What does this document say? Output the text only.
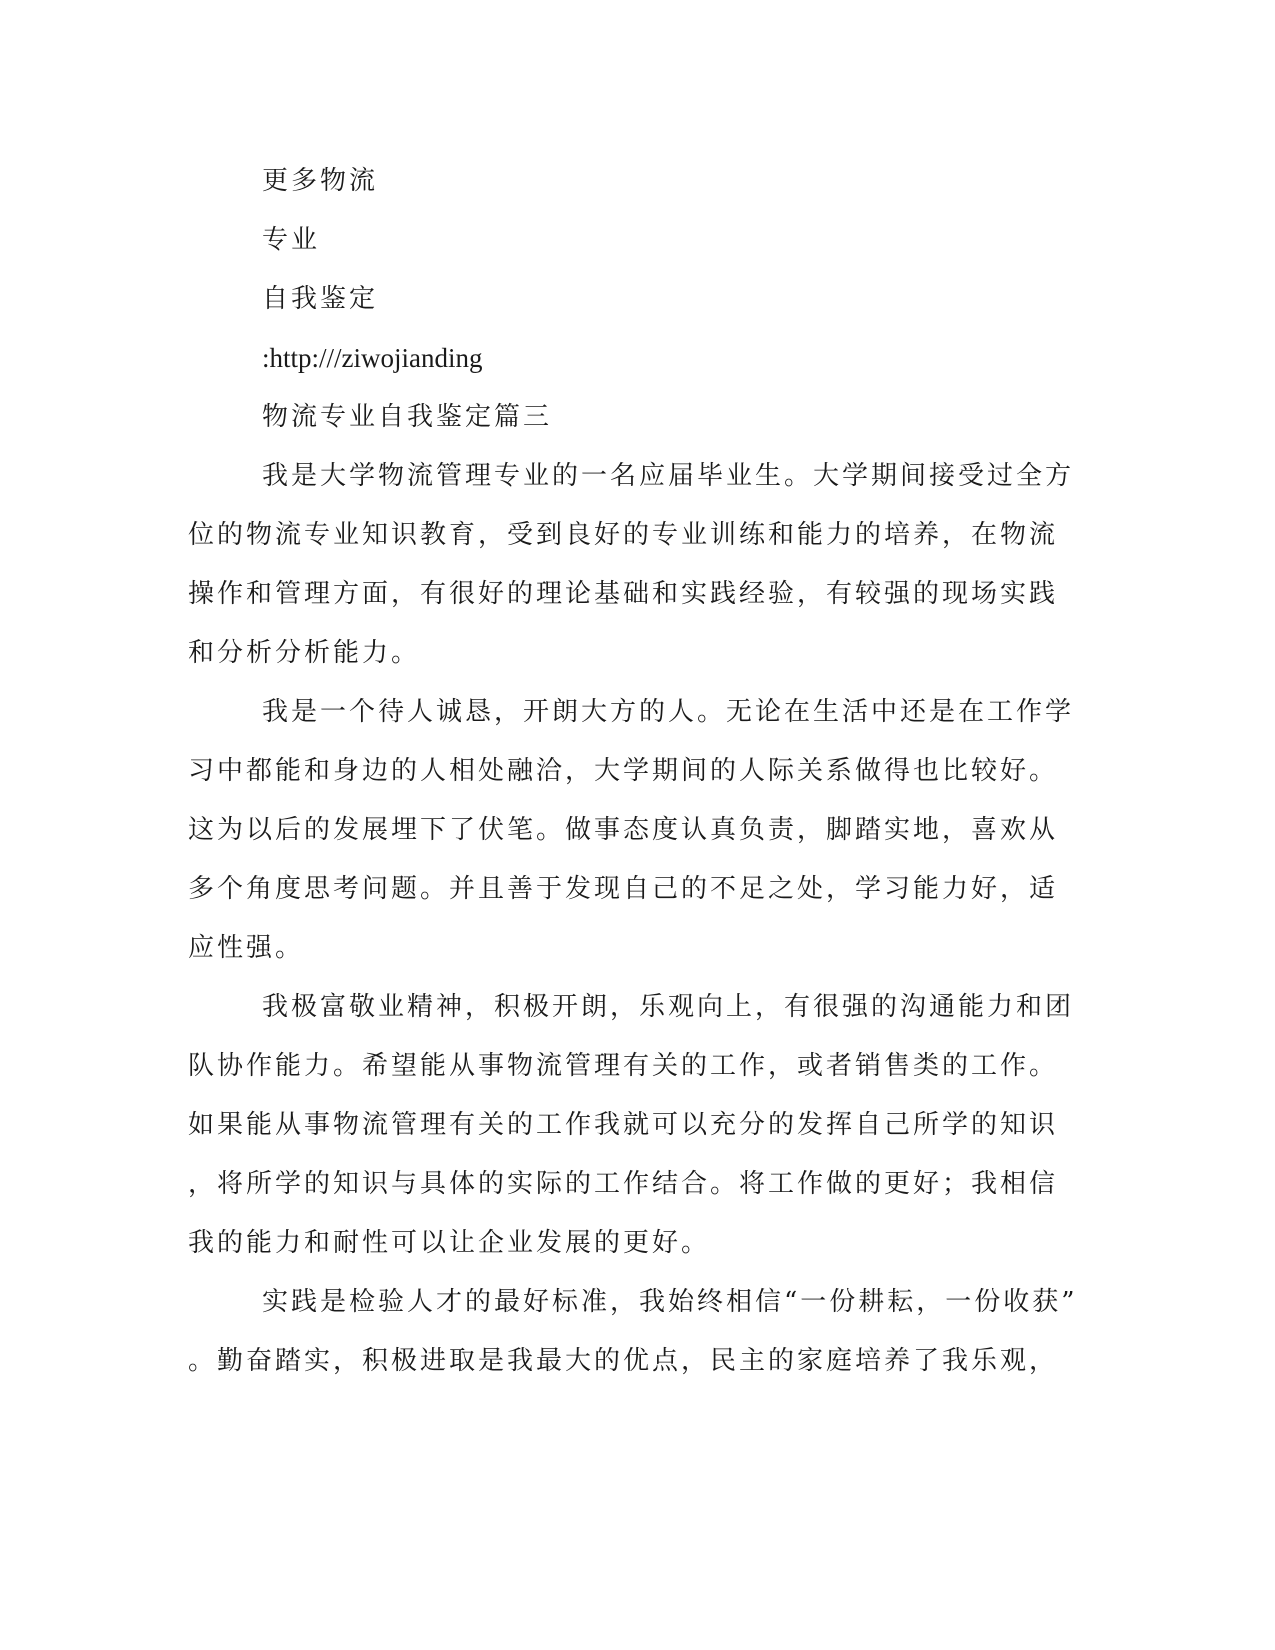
更多物流
专业
自我鉴定
:http:///ziwojianding
物流专业自我鉴定篇三
我是大学物流管理专业的一名应届毕业生。大学期间接受过全方
位的物流专业知识教育，受到良好的专业训练和能力的培养，在物流
操作和管理方面，有很好的理论基础和实践经验，有较强的现场实践
和分析分析能力。
我是一个待人诚恳，开朗大方的人。无论在生活中还是在工作学
习中都能和身边的人相处融洽，大学期间的人际关系做得也比较好。
这为以后的发展埋下了伏笔。做事态度认真负责，脚踏实地，喜欢从
多个角度思考问题。并且善于发现自己的不足之处，学习能力好，适
应性强。
我极富敬业精神，积极开朗，乐观向上，有很强的沟通能力和团
队协作能力。希望能从事物流管理有关的工作，或者销售类的工作。
如果能从事物流管理有关的工作我就可以充分的发挥自己所学的知识
，将所学的知识与具体的实际的工作结合。将工作做的更好；我相信
我的能力和耐性可以让企业发展的更好。
实践是检验人才的最好标准，我始终相信“一份耕耘，一份收获”
。勤奋踏实，积极进取是我最大的优点，民主的家庭培养了我乐观，
